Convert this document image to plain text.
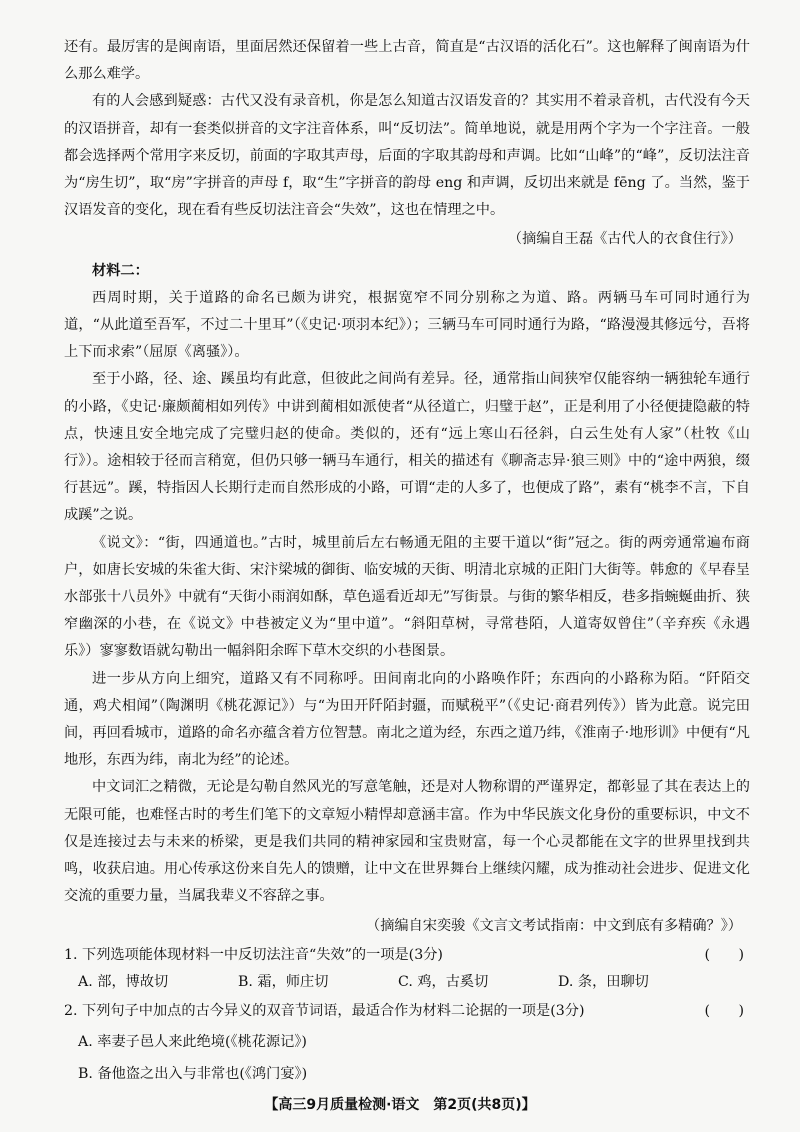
还有。最厉害的是闽南语，里面居然还保留着一些上古音，简直是“古汉语的活化石”。这也解释了闽南语为什么那么难学。

有的人会感到疑惑：古代又没有录音机，你是怎么知道古汉语发音的？其实用不着录音机，古代没有今天的汉语拼音，却有一套类似拼音的文字注音体系，叫“反切法”。简单地说，就是用两个字为一个字注音。一般都会选择两个常用字来反切，前面的字取其声母，后面的字取其韵母和声调。比如“山峰”的“峰”，反切法注音为“房生切”，取“房”字拼音的声母 f，取“生”字拼音的韵母 eng 和声调，反切出来就是 fēng 了。当然，鉴于汉语发音的变化，现在看有些反切法注音会“失效”，这也在情理之中。

（摘编自王磊《古代人的衣食住行》）

材料二：

西周时期，关于道路的命名已颇为讲究，根据宽窄不同分别称之为道、路。两辆马车可同时通行为道，“从此道至吾军，不过二十里耳”（《史记·项羽本纪》）；三辆马车可同时通行为路，“路漫漫其修远兮，吾将上下而求索”（屈原《离骚》）。

至于小路，径、途、蹊虽均有此意，但彼此之间尚有差异。径，通常指山间狭窄仅能容纳一辆独轮车通行的小路，《史记·廉颇蔺相如列传》中讲到蔺相如派使者“从径道亡，归璧于赵”，正是利用了小径便捷隐蔽的特点，快速且安全地完成了完璧归赵的使命。类似的，还有“远上寒山石径斜，白云生处有人家”（杜牧《山行》）。途相较于径而言稍宽，但仍只够一辆马车通行，相关的描述有《聊斋志异·狼三则》中的“途中两狼，缀行甚远”。蹊，特指因人长期行走而自然形成的小路，可谓“走的人多了，也便成了路”，素有“桃李不言，下自成蹊”之说。

《说文》：“街，四通道也。”古时，城里前后左右畅通无阻的主要干道以“街”冠之。街的两旁通常遍布商户，如唐长安城的朱雀大街、宋汴梁城的御街、临安城的天街、明清北京城的正阳门大街等。韩愈的《早春呈水部张十八员外》中就有“天街小雨润如酥，草色遥看近却无”写街景。与街的繁华相反，巷多指蜿蜒曲折、狭窄幽深的小巷，在《说文》中巷被定义为“里中道”。“斜阳草树，寻常巷陌，人道寄奴曾住”（辛弃疾《永遇乐》）寥寥数语就勾勒出一幅斜阳余晖下草木交织的小巷图景。

进一步从方向上细究，道路又有不同称呼。田间南北向的小路唤作阡；东西向的小路称为陌。“阡陌交通，鸡犬相闻”（陶渊明《桃花源记》）与“为田开阡陌封疆，而赋税平”（《史记·商君列传》）皆为此意。说完田间，再回看城市，道路的命名亦蕴含着方位智慧。南北之道为经，东西之道乃纬，《淮南子·地形训》中便有“凡地形，东西为纬，南北为经”的论述。

中文词汇之精微，无论是勾勒自然风光的写意笔触，还是对人物称谓的严谨界定，都彰显了其在表达上的无限可能，也难怪古时的考生们笔下的文章短小精悍却意涵丰富。作为中华民族文化身份的重要标识，中文不仅是连接过去与未来的桥梁，更是我们共同的精神家园和宝贵财富，每一个心灵都能在文字的世界里找到共鸣，收获启迪。用心传承这份来自先人的馈赠，让中文在世界舞台上继续闪耀，成为推动社会进步、促进文化交流的重要力量，当属我辈义不容辞之事。

（摘编自宋奕骏《文言文考试指南：中文到底有多精确？》）

1. 下列选项能体现材料一中反切法注音“失效”的一项是(3分)	(　　)
A. 部，博故切	B. 霜，师庄切	C. 鸡，古奚切	D. 条，田聊切
2. 下列句子中加点的古今异义的双音节词语，最适合作为材料二论据的一项是(3分)	(　　)
A. 率妻子邑人来此绝境(《桃花源记》)
B. 备他盗之出入与非常也(《鸿门宴》)
【高三9月质量检测·语文　第2页(共8页)】
